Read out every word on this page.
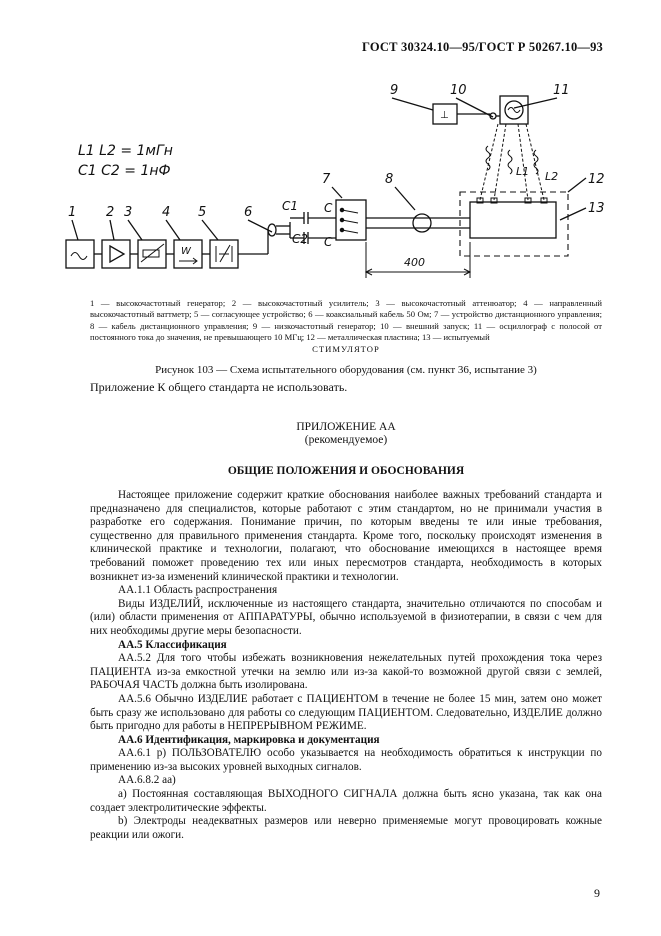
ГОСТ 30324.10—95/ГОСТ Р 50267.10—93
L1 L2 = 1мГн
C1 C2 = 1нФ
1 2 3 4 5	6
7	8
9	10	11
12
13
W
C1
C2
C
C
400
⊥
L1 L2
1 — высокочастотный генератор; 2 — высокочастотный усилитель; 3 — высокочастотный аттенюатор; 4 — направленный высокочастотный ваттметр; 5 — согласующее устройство; 6 — коаксиальный кабель 50 Ом; 7 — устройство дистанционного управления; 8 — кабель дистанционного управления; 9 — низкочастотный генератор; 10 — внешний запуск; 11 — осциллограф с полосой от постоянного тока до значения, не превышающего 10 МГц; 12 — металлическая пластина; 13 — испытуемый
СТИМУЛЯТОР
Рисунок 103 — Схема испытательного оборудования (см. пункт 36, испытание 3)
Приложение К общего стандарта не использовать.
ПРИЛОЖЕНИЕ АА
(рекомендуемое)
ОБЩИЕ ПОЛОЖЕНИЯ И ОБОСНОВАНИЯ

Настоящее приложение содержит краткие обоснования наиболее важных требований стандарта и предназначено для специалистов, которые работают с этим стандартом, но не принимали участия в разработке его содержания. Понимание причин, по которым введены те или иные требования, существенно для правильного применения стандарта. Кроме того, поскольку происходят изменения в клинической практике и технологии, полагают, что обоснование имеющихся в настоящее время требований поможет проведению тех или иных пересмотров стандарта, необходимость в которых возникнет из-за изменений клинической практики и технологии.

АА.1.1 Область распространения

Виды ИЗДЕЛИЙ, исключенные из настоящего стандарта, значительно отличаются по способам и (или) области применения от АППАРАТУРЫ, обычно используемой в физиотерапии, в связи с чем для них необходимы другие меры безопасности.

АА.5 Классификация

АА.5.2 Для того чтобы избежать возникновения нежелательных путей прохождения тока через ПАЦИЕНТА из-за емкостной утечки на землю или из-за какой-то возможной другой связи с землей, РАБОЧАЯ ЧАСТЬ должна быть изолирована.

АА.5.6 Обычно ИЗДЕЛИЕ работает с ПАЦИЕНТОМ в течение не более 15 мин, затем оно может быть сразу же использовано для работы со следующим ПАЦИЕНТОМ. Следовательно, ИЗДЕЛИЕ должно быть пригодно для работы в НЕПРЕРЫВНОМ РЕЖИМЕ.

АА.6 Идентификация, маркировка и документация

АА.6.1 р) ПОЛЬЗОВАТЕЛЮ особо указывается на необходимость обратиться к инструкции по применению из-за высоких уровней выходных сигналов.

АА.6.8.2 аа)

a) Постоянная составляющая ВЫХОДНОГО СИГНАЛА должна быть ясно указана, так как она создает электролитические эффекты.

b) Электроды неадекватных размеров или неверно применяемые могут провоцировать кожные реакции или ожоги.

9
